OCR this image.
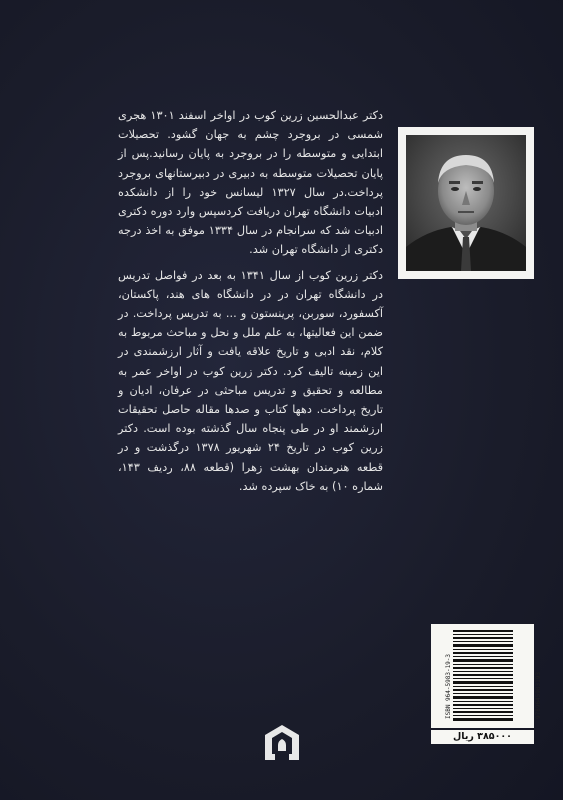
دکتر عبدالحسین زرین کوب در اواخر اسفند ۱۳۰۱ هجری شمسی در بروجرد چشم به جهان گشود. تحصیلات ابتدایی و متوسطه را در بروجرد به پایان رسانید.پس از پایان تحصیلات متوسطه به دبیری در دبیرستانهای بروجرد پرداخت.در سال ۱۳۲۷ لیسانس خود را از دانشکده ادبیات دانشگاه تهران دریافت کردسپس وارد دوره دکتری ادبیات شد که سرانجام در سال ۱۳۳۴ موفق به اخذ درجه دکتری از دانشگاه تهران شد.

دکتر زرین کوب از سال ۱۳۴۱ به بعد در فواصل تدریس در دانشگاه تهران در در دانشگاه های هند، پاکستان، آکسفورد، سوربن، پرینستون و ... به تدریس پرداخت. در ضمن این فعالیتها، به علم ملل و نحل و مباحث مربوط به کلام، نقد ادبی و تاریخ علاقه یافت و آثار ارزشمندی در این زمینه تالیف کرد. دکتر زرین کوب در اواخر عمر به مطالعه و تحقیق و تدریس مباحثی در عرفان، ادیان و تاریخ پرداخت. دهها کتاب و صدها مقاله حاصل تحقیقات ارزشمند او در طی پنجاه سال گذشته بوده است. دکتر زرین کوب در تاریخ ۲۴ شهریور ۱۳۷۸ درگذشت و در قطعه هنرمندان بهشت زهرا (قطعه ۸۸، ردیف ۱۴۳، شماره ۱۰) به خاک سپرده شد.

ISBN 964-5983-19-3	9789645983193
۳۸۵۰۰۰ ریال
